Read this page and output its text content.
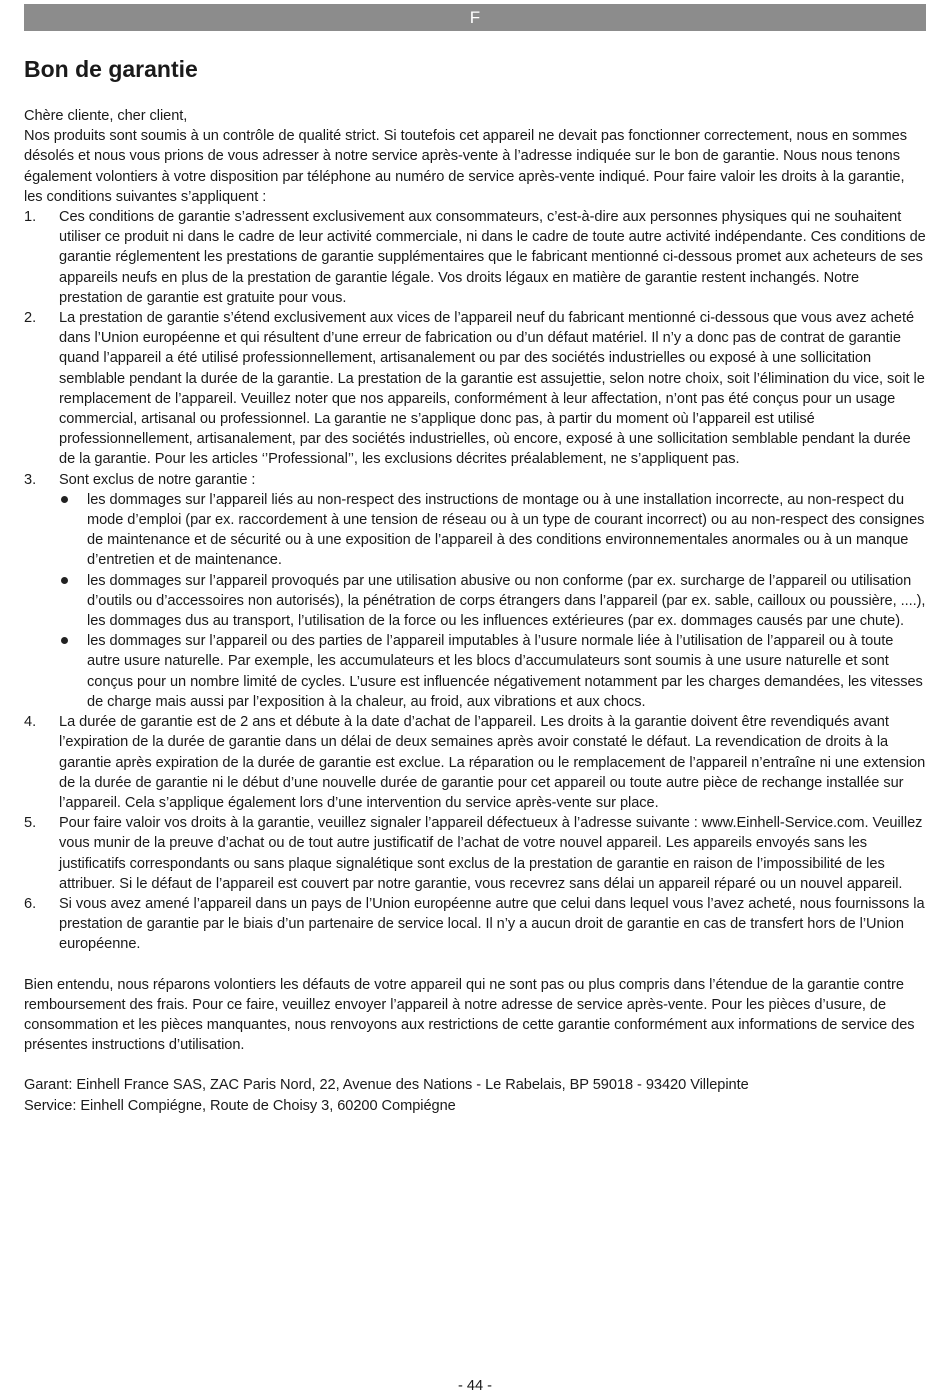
F
Bon de garantie

Chère cliente, cher client,

Nos produits sont soumis à un contrôle de qualité strict. Si toutefois cet appareil ne devait pas fonctionner correctement, nous en sommes désolés et nous vous prions de vous adresser à notre service après-vente à l’adresse indiquée sur le bon de garantie. Nous nous tenons également volontiers à votre disposition par téléphone au numéro de service après-vente indiqué. Pour faire valoir les droits à la garantie, les conditions suivantes s’appliquent :

1. Ces conditions de garantie s’adressent exclusivement aux consommateurs, c’est-à-dire aux personnes physiques qui ne souhaitent utiliser ce produit ni dans le cadre de leur activité commerciale, ni dans le cadre de toute autre activité indépendante. Ces conditions de garantie réglementent les prestations de garantie supplémentaires que le fabricant mentionné ci-dessous promet aux acheteurs de ses appareils neufs en plus de la prestation de garantie légale. Vos droits légaux en matière de garantie restent inchangés. Notre prestation de garantie est gratuite pour vous.
2. La prestation de garantie s’étend exclusivement aux vices de l’appareil neuf du fabricant mentionné ci-dessous que vous avez acheté dans l’Union européenne et qui résultent d’une erreur de fabrication ou d’un défaut matériel. Il n’y a donc pas de contrat de garantie quand l’appareil a été utilisé professionnellement, artisanalement ou par des sociétés industrielles ou exposé à une sollicitation semblable pendant la durée de la garantie. La prestation de la garantie est assujettie, selon notre choix, soit l’élimination du vice, soit le remplacement de l’appareil. Veuillez noter que nos appareils, conformément à leur affectation, n’ont pas été conçus pour un usage commercial, artisanal ou professionnel. La garantie ne s’applique donc pas, à partir du moment où l’appareil est utilisé professionnellement, artisanalement, par des sociétés industrielles, où encore, exposé à une sollicitation semblable pendant la durée de la garantie. Pour les articles ‘’Professional’’, les exclusions décrites préalablement, ne s’appliquent pas.
3. Sont exclus de notre garantie :
les dommages sur l’appareil liés au non-respect des instructions de montage ou à une installation incorrecte, au non-respect du mode d’emploi (par ex. raccordement à une tension de réseau ou à un type de courant incorrect) ou au non-respect des consignes de maintenance et de sécurité ou à une exposition de l’appareil à des conditions environnementales anormales ou à un manque d’entretien et de maintenance.
les dommages sur l’appareil provoqués par une utilisation abusive ou non conforme (par ex. surcharge de l’appareil ou utilisation d’outils ou d’accessoires non autorisés), la pénétration de corps étrangers dans l’appareil (par ex. sable, cailloux ou poussière, ....), les dommages dus au transport, l’utilisation de la force ou les influences extérieures (par ex. dommages causés par une chute).
les dommages sur l’appareil ou des parties de l’appareil imputables à l’usure normale liée à l’utilisation de l’appareil ou à toute autre usure naturelle. Par exemple, les accumulateurs et les blocs d’accumulateurs sont soumis à une usure naturelle et sont conçus pour un nombre limité de cycles. L’usure est influencée négativement notamment par les charges demandées, les vitesses de charge mais aussi par l’exposition à la chaleur, au froid, aux vibrations et aux chocs.
4. La durée de garantie est de 2 ans et débute à la date d’achat de l’appareil. Les droits à la garantie doivent être revendiqués avant l’expiration de la durée de garantie dans un délai de deux semaines après avoir constaté le défaut. La revendication de droits à la garantie après expiration de la durée de garantie est exclue. La réparation ou le remplacement de l’appareil n’entraîne ni une extension de la durée de garantie ni le début d’une nouvelle durée de garantie pour cet appareil ou toute autre pièce de rechange installée sur l’appareil. Cela s’applique également lors d’une intervention du service après-vente sur place.
5. Pour faire valoir vos droits à la garantie, veuillez signaler l’appareil défectueux à l’adresse suivante : www.Einhell-Service.com. Veuillez vous munir de la preuve d’achat ou de tout autre justificatif de l’achat de votre nouvel appareil. Les appareils envoyés sans les justificatifs correspondants ou sans plaque signalétique sont exclus de la prestation de garantie en raison de l’impossibilité de les attribuer. Si le défaut de l’appareil est couvert par notre garantie, vous recevrez sans délai un appareil réparé ou un nouvel appareil.
6. Si vous avez amené l’appareil dans un pays de l’Union européenne autre que celui dans lequel vous l’avez acheté, nous fournissons la prestation de garantie par le biais d’un partenaire de service local. Il n’y a aucun droit de garantie en cas de transfert hors de l’Union européenne.

Bien entendu, nous réparons volontiers les défauts de votre appareil qui ne sont pas ou plus compris dans l’étendue de la garantie contre remboursement des frais. Pour ce faire, veuillez envoyer l’appareil à notre adresse de service après-vente. Pour les pièces d’usure, de consommation et les pièces manquantes, nous renvoyons aux restrictions de cette garantie conformément aux informations de service des présentes instructions d’utilisation.

Garant: Einhell France SAS, ZAC Paris Nord, 22, Avenue des Nations - Le Rabelais, BP 59018 - 93420 Villepinte

Service: Einhell Compiégne, Route de Choisy 3, 60200 Compiégne

- 44 -
